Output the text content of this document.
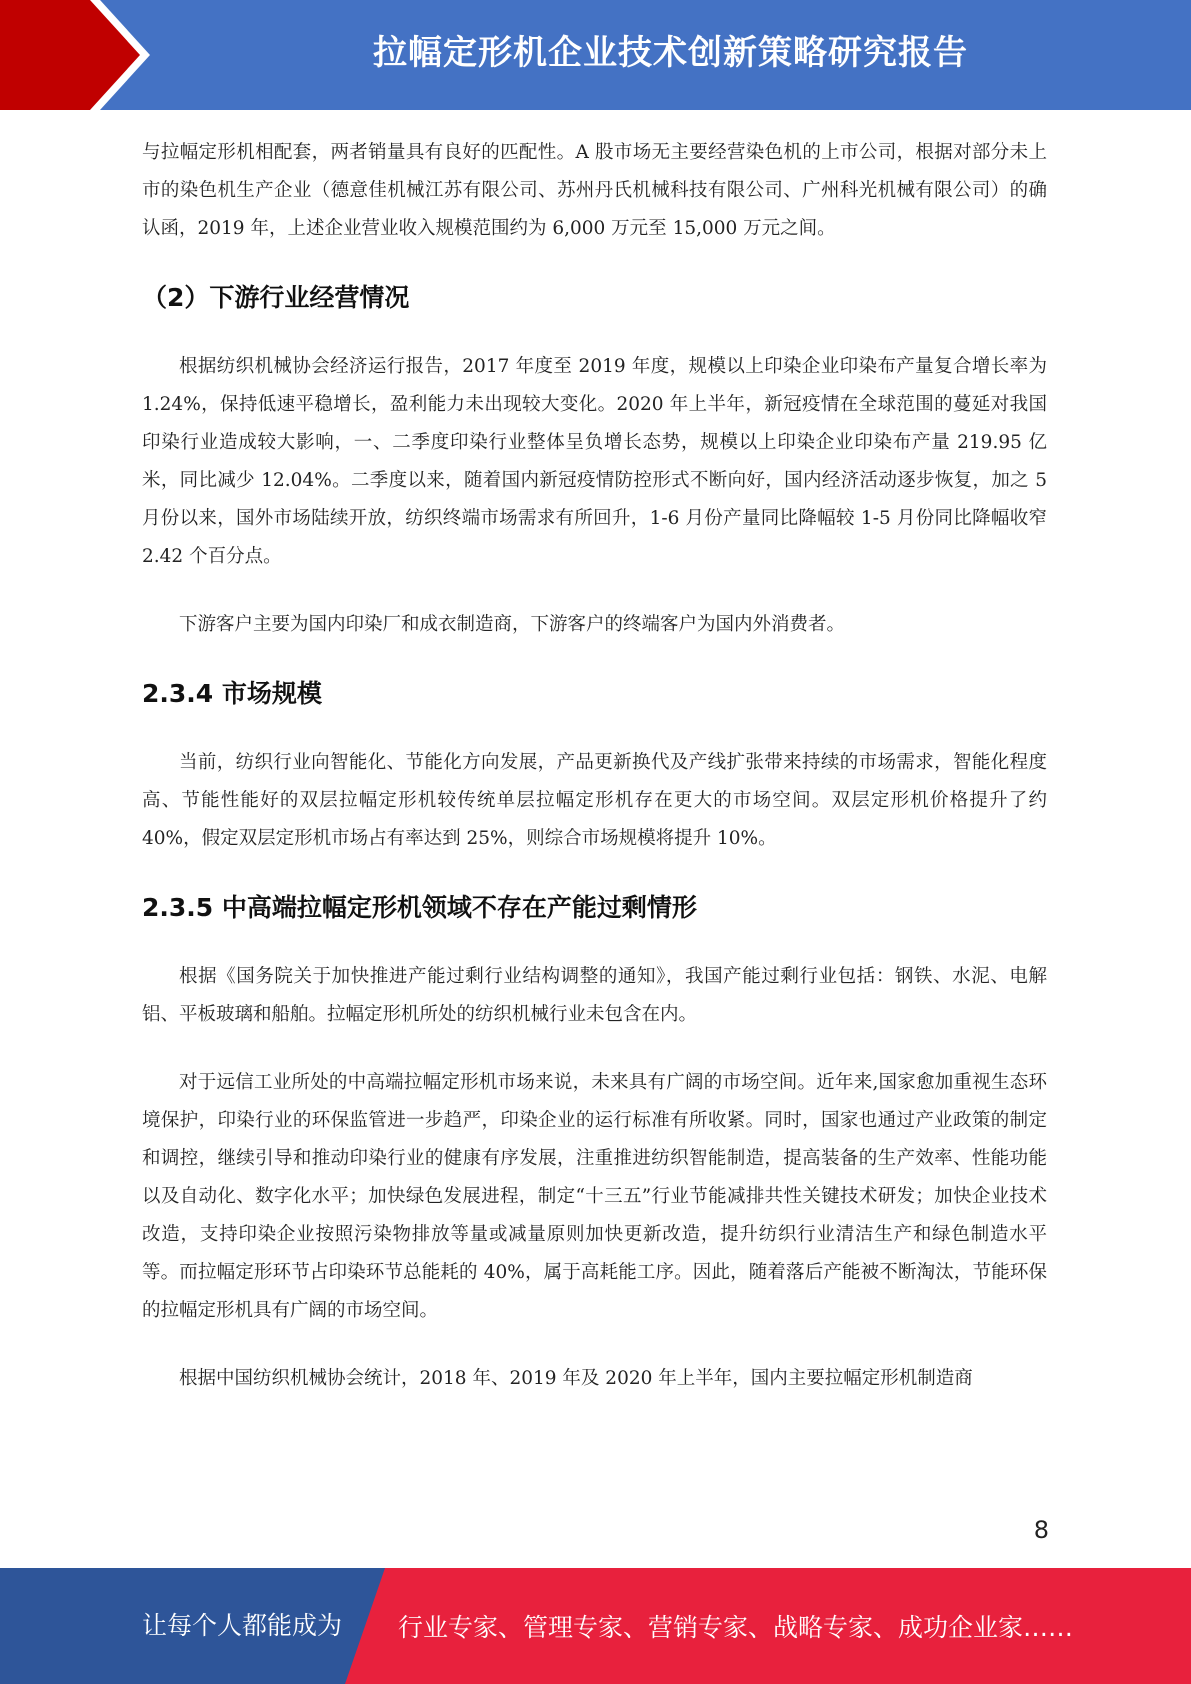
拉幅定形机企业技术创新策略研究报告

与拉幅定形机相配套，两者销量具有良好的匹配性。A 股市场无主要经营染色机的上市公司，根据对部分未上市的染色机生产企业（德意佳机械江苏有限公司、苏州丹氏机械科技有限公司、广州科光机械有限公司）的确认函，2019 年，上述企业营业收入规模范围约为 6,000 万元至 15,000 万元之间。

（2）下游行业经营情况

根据纺织机械协会经济运行报告，2017 年度至 2019 年度，规模以上印染企业印染布产量复合增长率为 1.24%，保持低速平稳增长，盈利能力未出现较大变化。2020 年上半年，新冠疫情在全球范围的蔓延对我国印染行业造成较大影响，一、二季度印染行业整体呈负增长态势，规模以上印染企业印染布产量 219.95 亿米，同比减少 12.04%。二季度以来，随着国内新冠疫情防控形式不断向好，国内经济活动逐步恢复，加之 5 月份以来，国外市场陆续开放，纺织终端市场需求有所回升，1-6 月份产量同比降幅较 1-5 月份同比降幅收窄 2.42 个百分点。

下游客户主要为国内印染厂和成衣制造商，下游客户的终端客户为国内外消费者。

2.3.4 市场规模

当前，纺织行业向智能化、节能化方向发展，产品更新换代及产线扩张带来持续的市场需求，智能化程度高、节能性能好的双层拉幅定形机较传统单层拉幅定形机存在更大的市场空间。双层定形机价格提升了约 40%，假定双层定形机市场占有率达到 25%，则综合市场规模将提升 10%。

2.3.5 中高端拉幅定形机领域不存在产能过剩情形

根据《国务院关于加快推进产能过剩行业结构调整的通知》，我国产能过剩行业包括：钢铁、水泥、电解铝、平板玻璃和船舶。拉幅定形机所处的纺织机械行业未包含在内。

对于远信工业所处的中高端拉幅定形机市场来说，未来具有广阔的市场空间。近年来,国家愈加重视生态环境保护，印染行业的环保监管进一步趋严，印染企业的运行标准有所收紧。同时，国家也通过产业政策的制定和调控，继续引导和推动印染行业的健康有序发展，注重推进纺织智能制造，提高装备的生产效率、性能功能以及自动化、数字化水平；加快绿色发展进程，制定“十三五”行业节能减排共性关键技术研发；加快企业技术改造，支持印染企业按照污染物排放等量或减量原则加快更新改造，提升纺织行业清洁生产和绿色制造水平等。而拉幅定形环节占印染环节总能耗的 40%，属于高耗能工序。因此，随着落后产能被不断淘汰，节能环保的拉幅定形机具有广阔的市场空间。

根据中国纺织机械协会统计，2018 年、2019 年及 2020 年上半年，国内主要拉幅定形机制造商

8
让每个人都能成为 行业专家、管理专家、营销专家、战略专家、成功企业家……
